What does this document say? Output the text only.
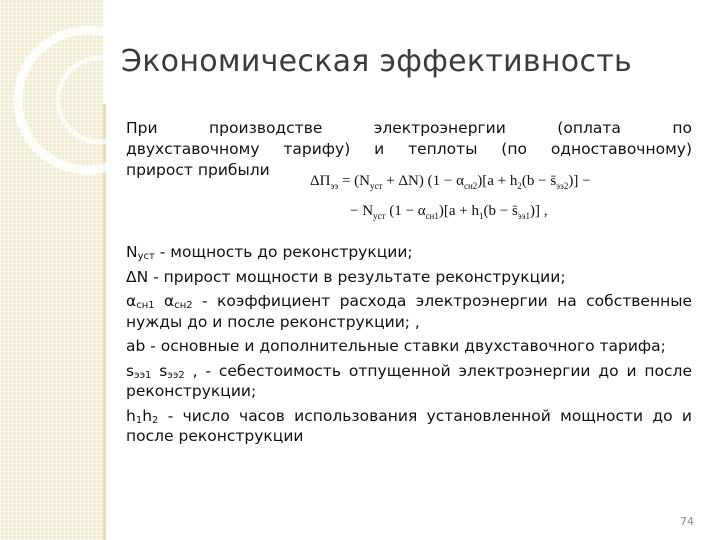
Экономическая эффективность
При производстве электроэнергии (оплата по
двухставочному тарифу) и теплоты (по одноставочному)
прирост прибыли
$\Delta П_{ээ} = (N_{уст} + \Delta N) (1 - \alpha_{сн2})[a + h_2(b$ − $s̄_{ээ2}$)] −
− $N_{уст}$ $(1 - \alpha_{сн1})[a + h_1(b$ − $s̄_{ээ1}$)] ,
$N_{уст}$ - мощность до реконструкции;
ΔN - прирост мощности в результате реконструкции;
$\alpha_{сн1}$ $\alpha_{сн2}$ - коэффициент расхода электроэнергии на собственные нужды до и после реконструкции; ,
ab - основные и дополнительные ставки двухставочного тарифа;
$s_{ээ1}$ $s_{ээ2}$ , - себестоимость отпущенной электроэнергии до и после реконструкции;
$h_1h_2$ - число часов использования установленной мощности до и после реконструкции
74
